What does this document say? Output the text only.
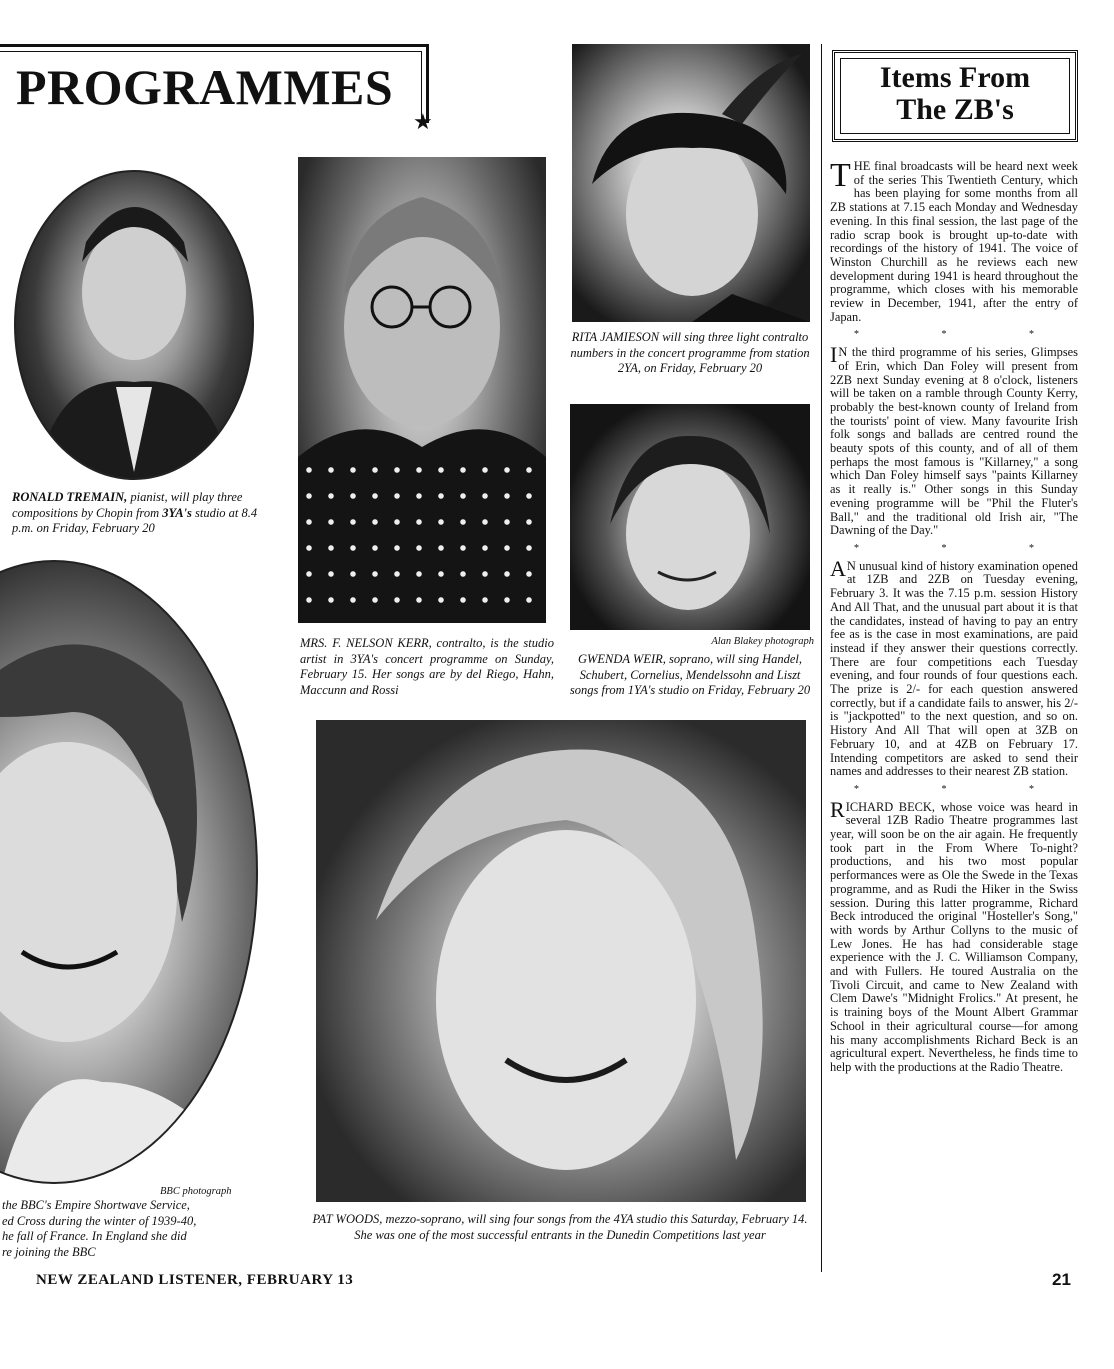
PROGRAMMES
★
RONALD TREMAIN, pianist, will play three compositions by Chopin from 3YA's studio at 8.4 p.m. on Friday, February 20
MRS. F. NELSON KERR, contralto, is the studio artist in 3YA's concert programme on Sunday, February 15. Her songs are by del Riego, Hahn, Maccunn and Rossi
RITA JAMIESON will sing three light contralto numbers in the concert programme from station 2YA, on Friday, February 20
Alan Blakey photograph
GWENDA WEIR, soprano, will sing Handel, Schubert, Cornelius, Mendelssohn and Liszt songs from 1YA's studio on Friday, February 20
BBC photograph
the BBC's Empire Shortwave Service,
ed Cross during the winter of 1939-40,
he fall of France. In England she did
re joining the BBC
PAT WOODS, mezzo-soprano, will sing four songs from the 4YA studio this Saturday, February 14. She was one of the most successful entrants in the Dunedin Competitions last year
Items From
The ZB's

THE final broadcasts will be heard next week of the series This Twentieth Century, which has been playing for some months from all ZB stations at 7.15 each Monday and Wednesday evening. In this final session, the last page of the radio scrap book is brought up-to-date with recordings of the history of 1941. The voice of Winston Churchill as he reviews each new development during 1941 is heard throughout the programme, which closes with his memorable review in December, 1941, after the entry of Japan.

* * *

I N the third programme of his series, Glimpses of Erin, which Dan Foley will present from 2ZB next Sunday evening at 8 o'clock, listeners will be taken on a ramble through County Kerry, probably the best-known county of Ireland from the tourists' point of view. Many favourite Irish folk songs and ballads are centred round the beauty spots of this county, and of all of them perhaps the most famous is "Killarney," a song which Dan Foley himself says "paints Killarney as it really is." Other songs in this Sunday evening programme will be "Phil the Fluter's Ball," and the traditional old Irish air, "The Dawning of the Day."

* * *

A N unusual kind of history examination opened at 1ZB and 2ZB on Tuesday evening, February 3. It was the 7.15 p.m. session History And All That, and the unusual part about it is that the candidates, instead of having to pay an entry fee as is the case in most examinations, are paid instead if they answer their questions correctly. There are four competitions each Tuesday evening, and four rounds of four questions each. The prize is 2/- for each question answered correctly, but if a candidate fails to answer, his 2/- is "jackpotted" to the next question, and so on. History And All That will open at 3ZB on February 10, and at 4ZB on February 17. Intending competitors are asked to send their names and addresses to their nearest ZB station.

* * *

RICHARD BECK, whose voice was heard in several 1ZB Radio Theatre programmes last year, will soon be on the air again. He frequently took part in the From Where To-night? productions, and his two most popular performances were as Ole the Swede in the Texas programme, and as Rudi the Hiker in the Swiss session. During this latter programme, Richard Beck introduced the original "Hosteller's Song," with words by Arthur Collyns to the music of Lew Jones. He has had considerable stage experience with the J. C. Williamson Company, and with Fullers. He toured Australia on the Tivoli Circuit, and came to New Zealand with Clem Dawe's "Midnight Frolics." At present, he is training boys of the Mount Albert Grammar School in their agricultural course—for among his many accomplishments Richard Beck is an agricultural expert. Nevertheless, he finds time to help with the productions at the Radio Theatre.

NEW ZEALAND LISTENER, FEBRUARY 13	21
